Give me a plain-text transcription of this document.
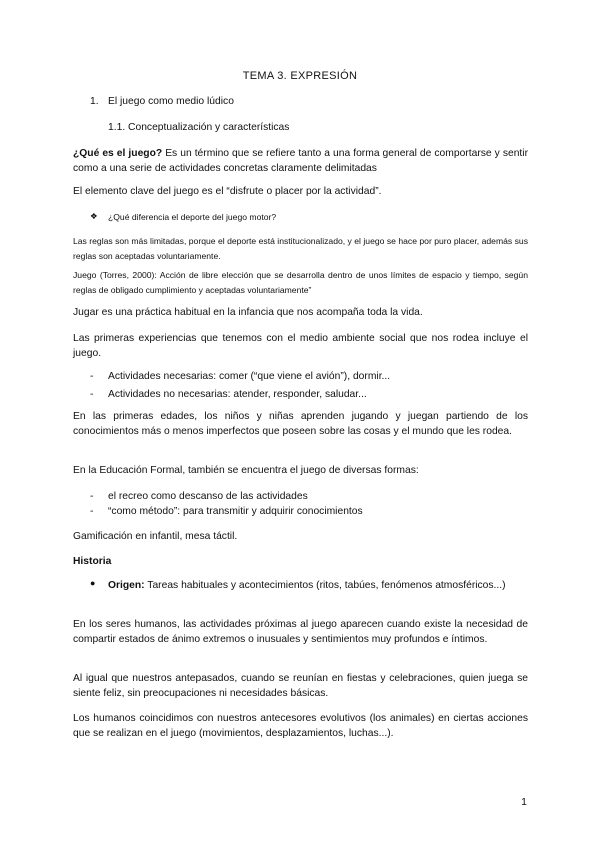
TEMA 3. EXPRESIÓN
1. El juego como medio lúdico
1.1. Conceptualización y características
¿Qué es el juego? Es un término que se refiere tanto a una forma general de comportarse y sentir como a una serie de actividades concretas claramente delimitadas
El elemento clave del juego es el “disfrute o placer por la actividad”.
❖ ¿Qué diferencia el deporte del juego motor?
Las reglas son más limitadas, porque el deporte está institucionalizado, y el juego se hace por puro placer, además sus reglas son aceptadas voluntariamente.
Juego (Torres, 2000): Acción de libre elección que se desarrolla dentro de unos límites de espacio y tiempo, según reglas de obligado cumplimiento y aceptadas voluntariamente”
Jugar es una práctica habitual en la infancia que nos acompaña toda la vida.
Las primeras experiencias que tenemos con el medio ambiente social que nos rodea incluye el juego.
- Actividades necesarias: comer (“que viene el avión”), dormir...
- Actividades no necesarias: atender, responder, saludar...
En las primeras edades, los niños y niñas aprenden jugando y juegan partiendo de los conocimientos más o menos imperfectos que poseen sobre las cosas y el mundo que les rodea.
En la Educación Formal, también se encuentra el juego de diversas formas:
- el recreo como descanso de las actividades
- “como método”: para transmitir y adquirir conocimientos
Gamificación en infantil, mesa táctil.
Historia
● Origen: Tareas habituales y acontecimientos (ritos, tabúes, fenómenos atmosféricos...)
En los seres humanos, las actividades próximas al juego aparecen cuando existe la necesidad de compartir estados de ánimo extremos o inusuales y sentimientos muy profundos e íntimos.
Al igual que nuestros antepasados, cuando se reunían en fiestas y celebraciones, quien juega se siente feliz, sin preocupaciones ni necesidades básicas.
Los humanos coincidimos con nuestros antecesores evolutivos (los animales) en ciertas acciones que se realizan en el juego (movimientos, desplazamientos, luchas...).
1
